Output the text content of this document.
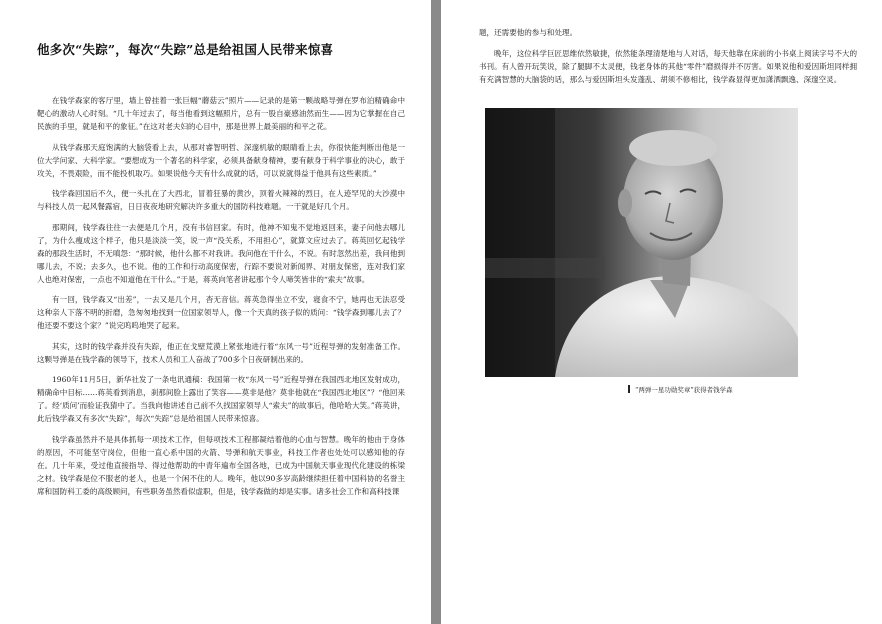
他多次“失踪”，每次“失踪”总是给祖国人民带来惊喜

在钱学森家的客厅里，墙上曾挂着一张巨幅“蘑菇云”照片——记录的是第一颗战略导弹在罗布泊精确命中靶心的激动人心时刻。“几十年过去了，每当他看到这幅照片，总有一股自豪感油然而生——因为它掌握在自己民族的手里，就是和平的象征。”在这对老夫妇的心目中，那是世界上最美丽的和平之花。

从钱学森那天庭饱满的大脑袋看上去，从那对睿智明哲、深邃机敏的眼睛看上去，你很快能判断出他是一位大学问家、大科学家。“要想成为一个著名的科学家，必须具备献身精神，要有献身于科学事业的决心，敢于攻关，不畏艰险，而不能投机取巧。如果说他今天有什么成就的话，可以说就得益于他具有这些素质。”

钱学森回国后不久，便一头扎在了大西北，冒着狂暴的黄沙，顶着火辣辣的烈日，在人迹罕见的大沙漠中与科技人员一起风餐露宿，日日夜夜地研究解决许多重大的国防科技难题。一干就是好几个月。

那期间，钱学森往往一去便是几个月，没有书信回家。有时，他神不知鬼不觉地返回来，妻子问他去哪儿了，为什么瘦成这个样子，他只是淡淡一笑，说一声“没关系，不用担心”，就算文应过去了。蒋英回忆起钱学森的那段生活时，不无嗔怨：“那时候，他什么都不对我讲。我问他在干什么，不说。有时忽然出差，我问他到哪儿去，不说；去多久，也不说。他的工作和行动高度保密，行踪不要说对新闻界、对朋友保密，连对我们家人也绝对保密，一点也不知道他在干什么。”于是，蒋英向笔者讲起那个令人啼笑皆非的“索夫”故事。

有一回，钱学森又“出差”，一去又是几个月，杳无音信。蒋英急得坐立不安，寝食不宁，她再也无法忍受这种亲人下落不明的折磨，急匆匆地找到一位国家领导人，像一个天真的孩子似的质问：“钱学森到哪儿去了？他还要不要这个家？”说完呜呜地哭了起来。

其实，这时的钱学森并没有失踪，他正在戈壁荒漠上紧张地进行着“东风一号”近程导弹的发射准备工作。这颗导弹是在钱学森的领导下，技术人员和工人奋战了700多个日夜研制出来的。

1960年11月5日，新华社发了一条电讯通稿：我国第一枚“东风一号”近程导弹在我国西北地区发射成功，精确命中目标……蒋英看到消息，刹那间脸上露出了笑容——莫非是他？莫非他就在“我国西北地区”？“他回来了。经‘质问’而验证我猜中了。当我向他讲述自己前不久找国家领导人“索夫”的故事后，他哈哈大笑。”蒋英讲，此后钱学森又有多次“失踪”，每次“失踪”总是给祖国人民带来惊喜。

钱学森虽然并不是具体抓每一项技术工作，但每项技术工程都凝结着他的心血与智慧。晚年的他由于身体的原因，不可能坚守岗位，但他一直心系中国的火箭、导弹和航天事业，科技工作者也处处可以感知他的存在。几十年来，受过他直接指导、得过他帮助的中青年遍布全国各地，已成为中国航天事业现代化建设的栋梁之材。钱学森是位不服老的老人，也是一个闲不住的人。晚年，他以90多岁高龄继续担任着中国科协的名誉主席和国防科工委的高级顾问，有些职务虽然看似虚职，但是，钱学森做的却是实事。诸多社会工作和高科技课

题，还需要他的参与和处理。

晚年，这位科学巨匠思维依然敏捷，依然能条理清楚地与人对话，每天他靠在床前的小书桌上阅读字号不大的书刊。有人曾开玩笑说，除了腿脚不太灵便，钱老身体的其他“零件”磨损得并不厉害。如果说他和爱因斯坦同样拥有充满智慧的大脑袋的话，那么与爱因斯坦头发蓬乱、胡须不修相比，钱学森显得更加潇洒飘逸、深邃空灵。

“两弹一星功勋奖章”获得者钱学森
